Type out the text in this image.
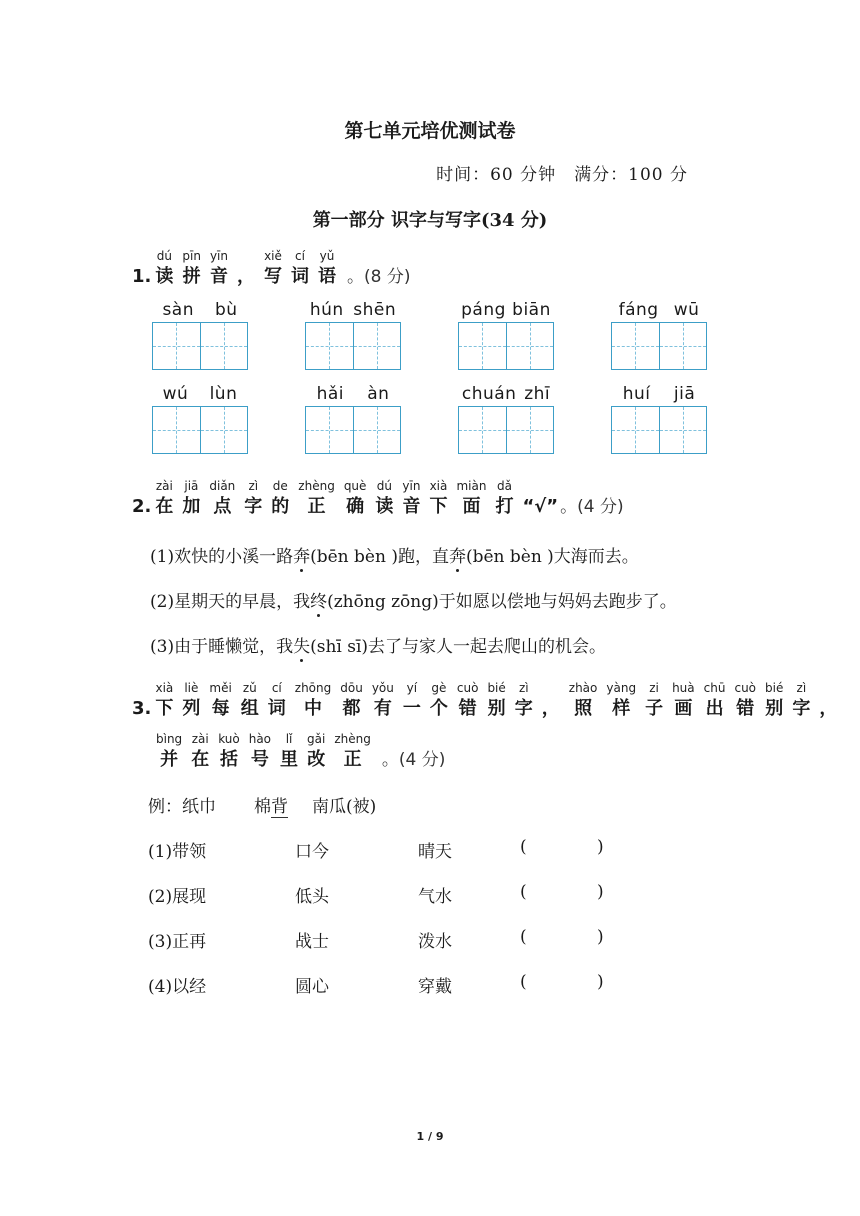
第七单元培优测试卷
时间：60 分钟　满分：100 分
第一部分 识字与写字(34 分)
1.
dú
读
pīn
拼
yīn
音 ，
xiě
写
cí
词
yǔ
语 。(8 分)
sàn bù	hún shēn	páng biān	fáng wū
wú lùn	hǎi àn	chuán zhī	huí jiā
2.
zài
在
jiā
加
diǎn
点
zì
字
de
的
zhèng
正
què
确
dú
读
yīn
音
xià
下
miàn
面
dǎ
打 “√” 。(4 分)
(1)欢快的小溪一路奔(bēn bèn )跑，直奔(bēn bèn )大海而去。
(2)星期天的早晨，我终(zhōng zōng)于如愿以偿地与妈妈去跑步了。
(3)由于睡懒觉，我失(shī sī)去了与家人一起去爬山的机会。
3.
xià
下
liè
列
měi
每
zǔ
组
cí
词
zhōng
中
dōu
都
yǒu
有
yí
一
gè
个
cuò
错
bié
别
zì
字 ，
zhào
照
yàng
样
zi
子
huà
画
chū
出
cuò
错
bié
别
zì
字 ，
bìng
并
zài
在
kuò
括
hào
号
lǐ
里
gǎi
改
zhèng
正 。(4 分)
例：纸巾 棉背 南瓜(被)
(1)带领	口今	晴天	(	)
(2)展现	低头	气水	(	)
(3)正再	战士	泼水	(	)
(4)以经	圆心	穿戴	(	)
1 / 9
